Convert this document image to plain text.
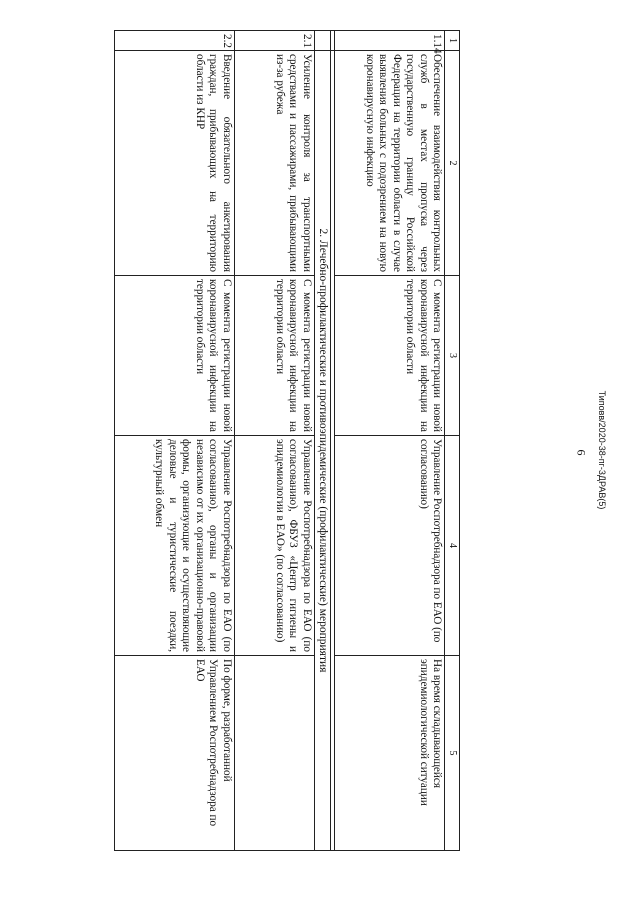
6 Типовв/2020-38-пг-3ДРАВ(5)
1	2	3	4	5
1.14	Обеспечение взаимодействия контрольных служб в местах пропуска через государственную границу Российской Федерации на территории области в случае выявления больных с подозрением на новую коронавирусную инфекцию	С момента регистрации новой коронавирусной инфекции на территории области	Управление Роспотребнадзора по ЕАО (по согласованию)	На время складывающейся эпидемиологической ситуации

	2. Лечебно-профилактические и противоэпидемические (профилактические) мероприятия			
2.1	Усиление контроля за транспортными средствами и пассажирами, прибывающими из-за рубежа	С момента регистрации новой коронавирусной инфекции на территории области	Управление Роспотребнадзора по ЕАО (по согласованию), ФБУЗ «Центр гигиены и эпидемиологии в ЕАО» (по согласованию)	
2.2	Введение обязательного анкетирования граждан, прибывающих на территорию области из КНР	С момента регистрации новой коронавирусной инфекции на территории области	Управление Роспотребнадзора по ЕАО (по согласованию), органы и организации независимо от их организационно-правовой формы, организующие и осуществляющие деловые и туристические поездки, культурный обмен	По форме, разработанной Управлением Роспотребнадзора по ЕАО
